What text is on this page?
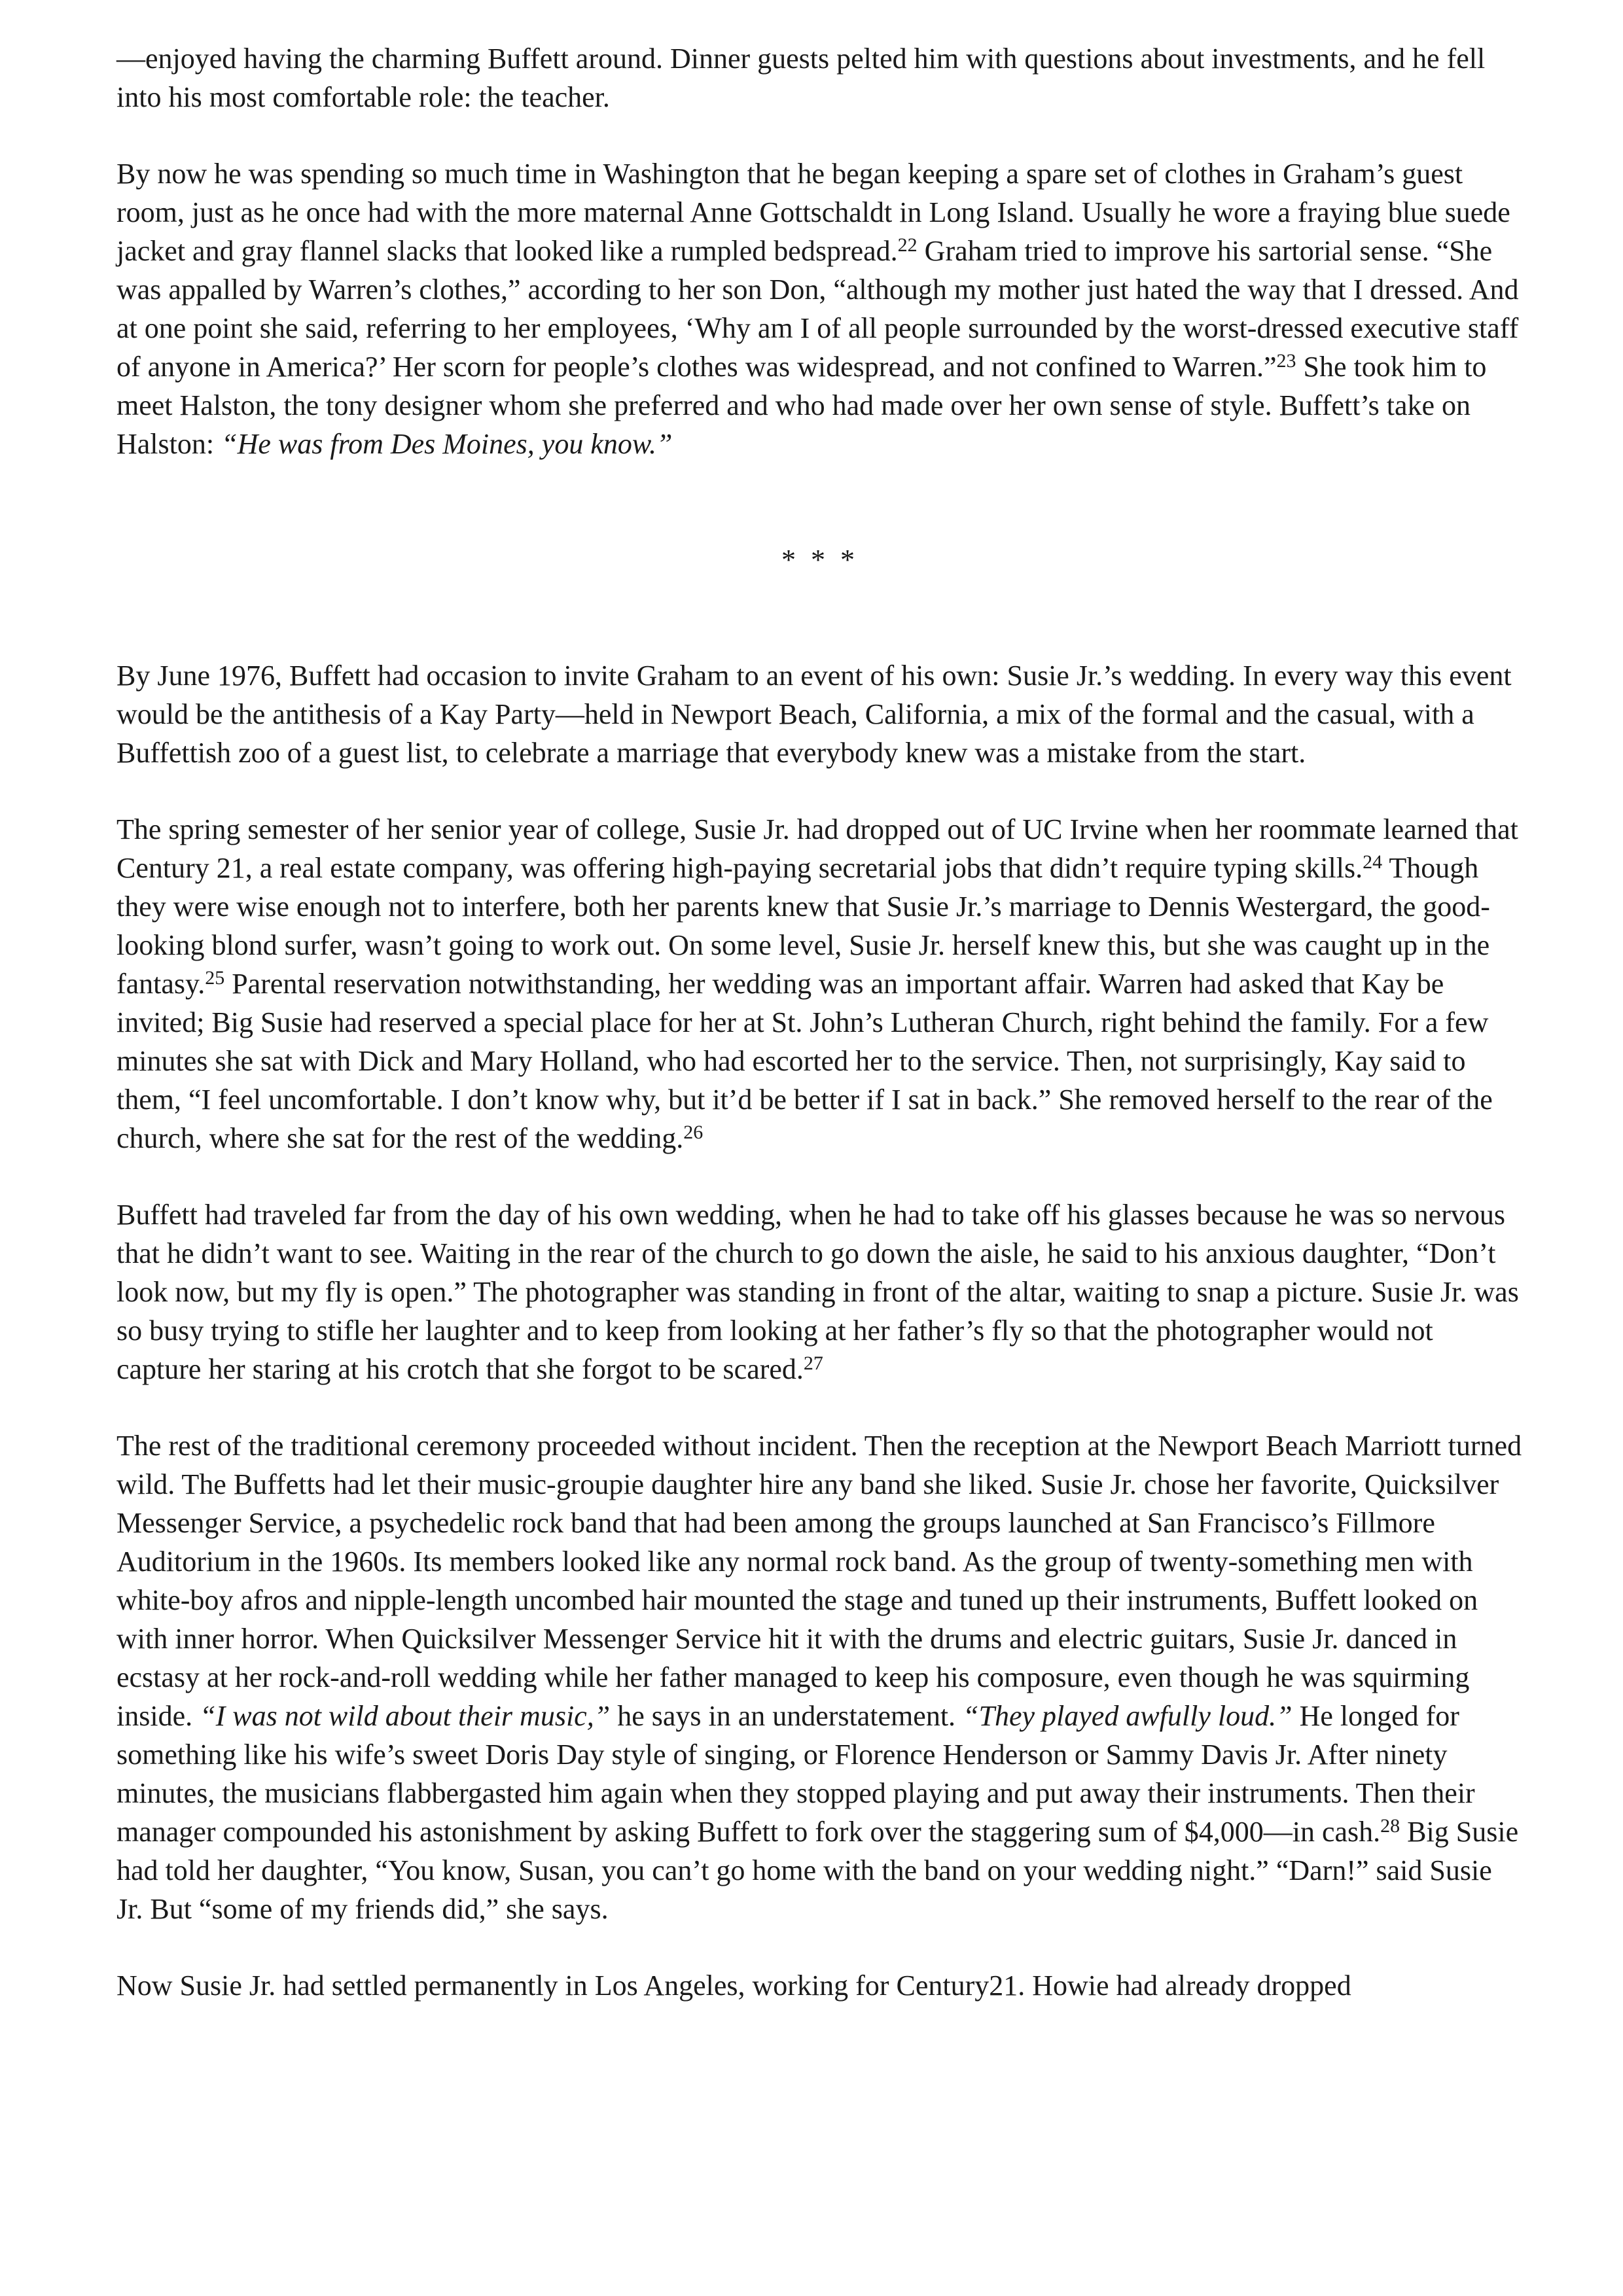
—enjoyed having the charming Buffett around. Dinner guests pelted him with questions about investments, and he fell into his most comfortable role: the teacher.

By now he was spending so much time in Washington that he began keeping a spare set of clothes in Graham’s guest room, just as he once had with the more maternal Anne Gottschaldt in Long Island. Usually he wore a fraying blue suede jacket and gray flannel slacks that looked like a rumpled bedspread.$^{22}$ Graham tried to improve his sartorial sense. “She was appalled by Warren’s clothes,” according to her son Don, “although my mother just hated the way that I dressed. And at one point she said, referring to her employees, ‘Why am I of all people surrounded by the worst-dressed executive staff of anyone in America?’ Her scorn for people’s clothes was widespread, and not confined to Warren.”$^{23}$ She took him to meet Halston, the tony designer whom she preferred and who had made over her own sense of style. Buffett’s take on Halston: “He was from Des Moines, you know.”

* * *

By June 1976, Buffett had occasion to invite Graham to an event of his own: Susie Jr.’s wedding. In every way this event would be the antithesis of a Kay Party—held in Newport Beach, California, a mix of the formal and the casual, with a Buffettish zoo of a guest list, to celebrate a marriage that everybody knew was a mistake from the start.

The spring semester of her senior year of college, Susie Jr. had dropped out of UC Irvine when her roommate learned that Century 21, a real estate company, was offering high-paying secretarial jobs that didn’t require typing skills.$^{24}$ Though they were wise enough not to interfere, both her parents knew that Susie Jr.’s marriage to Dennis Westergard, the good-looking blond surfer, wasn’t going to work out. On some level, Susie Jr. herself knew this, but she was caught up in the fantasy.$^{25}$ Parental reservation notwithstanding, her wedding was an important affair. Warren had asked that Kay be invited; Big Susie had reserved a special place for her at St. John’s Lutheran Church, right behind the family. For a few minutes she sat with Dick and Mary Holland, who had escorted her to the service. Then, not surprisingly, Kay said to them, “I feel uncomfortable. I don’t know why, but it’d be better if I sat in back.” She removed herself to the rear of the church, where she sat for the rest of the wedding.$^{26}$

Buffett had traveled far from the day of his own wedding, when he had to take off his glasses because he was so nervous that he didn’t want to see. Waiting in the rear of the church to go down the aisle, he said to his anxious daughter, “Don’t look now, but my fly is open.” The photographer was standing in front of the altar, waiting to snap a picture. Susie Jr. was so busy trying to stifle her laughter and to keep from looking at her father’s fly so that the photographer would not capture her staring at his crotch that she forgot to be scared.$^{27}$

The rest of the traditional ceremony proceeded without incident. Then the reception at the Newport Beach Marriott turned wild. The Buffetts had let their music-groupie daughter hire any band she liked. Susie Jr. chose her favorite, Quicksilver Messenger Service, a psychedelic rock band that had been among the groups launched at San Francisco’s Fillmore Auditorium in the 1960s. Its members looked like any normal rock band. As the group of twenty-something men with white-boy afros and nipple-length uncombed hair mounted the stage and tuned up their instruments, Buffett looked on with inner horror. When Quicksilver Messenger Service hit it with the drums and electric guitars, Susie Jr. danced in ecstasy at her rock-and-roll wedding while her father managed to keep his composure, even though he was squirming inside. “I was not wild about their music,” he says in an understatement. “They played awfully loud.” He longed for something like his wife’s sweet Doris Day style of singing, or Florence Henderson or Sammy Davis Jr. After ninety minutes, the musicians flabbergasted him again when they stopped playing and put away their instruments. Then their manager compounded his astonishment by asking Buffett to fork over the staggering sum of $4,000—in cash.$^{28}$ Big Susie had told her daughter, “You know, Susan, you can’t go home with the band on your wedding night.” “Darn!” said Susie Jr. But “some of my friends did,” she says.

Now Susie Jr. had settled permanently in Los Angeles, working for Century21. Howie had already dropped
